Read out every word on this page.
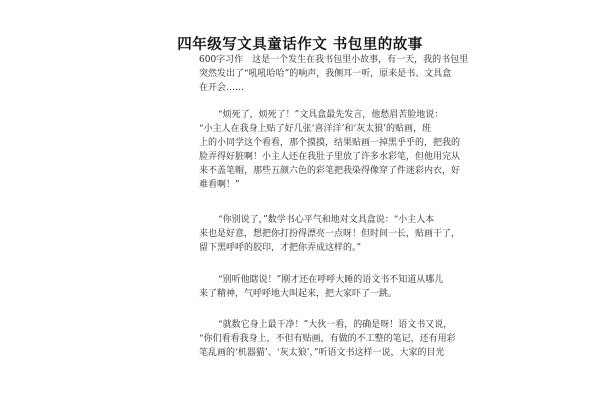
四年级写文具童话作文 书包里的故事
600字习作　这是一个发生在我书包里小故事，有一天，我的书包里
突然发出了“吼吼哈哈”的响声，我侧耳一听，原来是书、文具盒
在开会……
“烦死了，烦死了！”文具盒最先发言，他愁眉苦脸地说：
“小主人在我身上贴了好几张‘喜洋洋’和‘灰太狼’的贴画，班
上的小同学这个看看，那个摸摸，结果贴画一掉黑乎乎的，把我的
脸弄得好脏啊！小主人还在我肚子里放了许多水彩笔，但他用完从
来不盖笔帽，那些五颜六色的彩笔把我染得像穿了件迷彩内衣，好
难看啊！”
“你别说了，”数学书心平气和地对文具盒说：“小主人本
来也是好意，想把你打扮得漂亮一点呀！但时间一长，贴画干了，
留下黑呼呼的胶印，才把你弄成这样的。”
“别听他瞎说！”刚才还在呼呼大睡的语文书不知道从哪儿
来了精神，气呼呼地大叫起来，把大家吓了一跳。
“就数它身上最干净！”大伙一看，的确是呀！语文书又说，
“你们看看我身上，不但有贴画，有做的不工整的笔记，还有用彩
笔乱画的‘机器猫’、‘灰太狼’，”听语文书这样一说，大家的目光
